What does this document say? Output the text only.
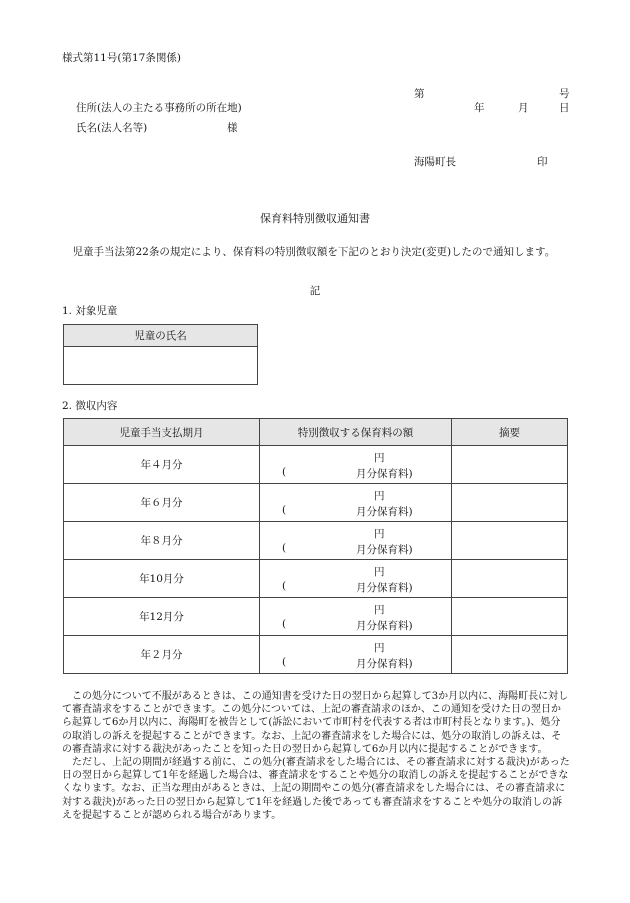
様式第11号(第17条関係)
第	号
住所(法人の主たる事務所の所在地)	年	月	日
氏名(法人名等)	様
海陽町長	印
保育料特別徴収通知書
　児童手当法第22条の規定により、保育料の特別徴収額を下記のとおり決定(変更)したので通知します。
記
1. 対象児童
児童の氏名

2. 徴収内容
児童手当支払期月	特別徴収する保育料の額	摘要
年４月分	円
( 月分保育料)	

年６月分	円
( 月分保育料)	

年８月分	円
( 月分保育料)	

年10月分	円
( 月分保育料)	

年12月分	円
( 月分保育料)	

年２月分	円
( 月分保育料)	

この処分について不服があるときは、この通知書を受けた日の翌日から起算して3か月以内に、海陽町長に対して審査請求をすることができます。この処分については、上記の審査請求のほか、この通知を受けた日の翌日から起算して6か月以内に、海陽町を被告として(訴訟において市町村を代表する者は市町村長となります。)、処分の取消しの訴えを提起することができます。なお、上記の審査請求をした場合には、処分の取消しの訴えは、その審査請求に対する裁決があったことを知った日の翌日から起算して6か月以内に提起することができます。

ただし、上記の期間が経過する前に、この処分(審査請求をした場合には、その審査請求に対する裁決)があった日の翌日から起算して1年を経過した場合は、審査請求をすることや処分の取消しの訴えを提起することができなくなります。なお、正当な理由があるときは、上記の期間やこの処分(審査請求をした場合には、その審査請求に対する裁決)があった日の翌日から起算して1年を経過した後であっても審査請求をすることや処分の取消しの訴えを提起することが認められる場合があります。
